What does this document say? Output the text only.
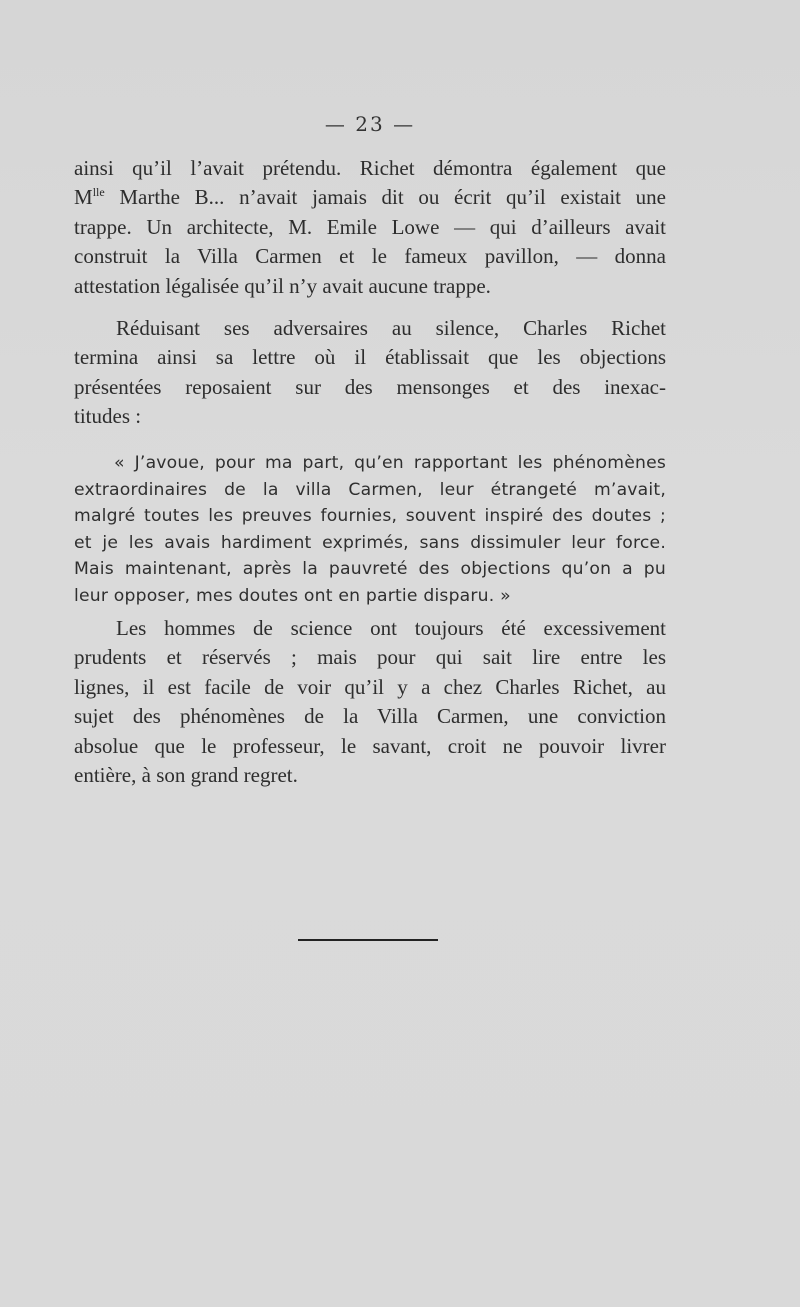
— 23 —
ainsi qu’il l’avait prétendu. Richet démontra également que
$M^{lle}$ Marthe B... n’avait jamais dit ou écrit qu’il existait une
trappe. Un architecte, M. Emile Lowe — qui d’ailleurs avait
construit la Villa Carmen et le fameux pavillon, — donna
attestation légalisée qu’il n’y avait aucune trappe.
Réduisant ses adversaires au silence, Charles Richet
termina ainsi sa lettre où il établissait que les objections
présentées reposaient sur des mensonges et des inexac-
titudes :
« J’avoue, pour ma part, qu’en rapportant les phénomènes
extraordinaires de la villa Carmen, leur étrangeté m’avait,
malgré toutes les preuves fournies, souvent inspiré des doutes ;
et je les avais hardiment exprimés, sans dissimuler leur force.
Mais maintenant, après la pauvreté des objections qu’on a pu
leur opposer, mes doutes ont en partie disparu. »
Les hommes de science ont toujours été excessivement
prudents et réservés ; mais pour qui sait lire entre les
lignes, il est facile de voir qu’il y a chez Charles Richet, au
sujet des phénomènes de la Villa Carmen, une conviction
absolue que le professeur, le savant, croit ne pouvoir livrer
entière, à son grand regret.
